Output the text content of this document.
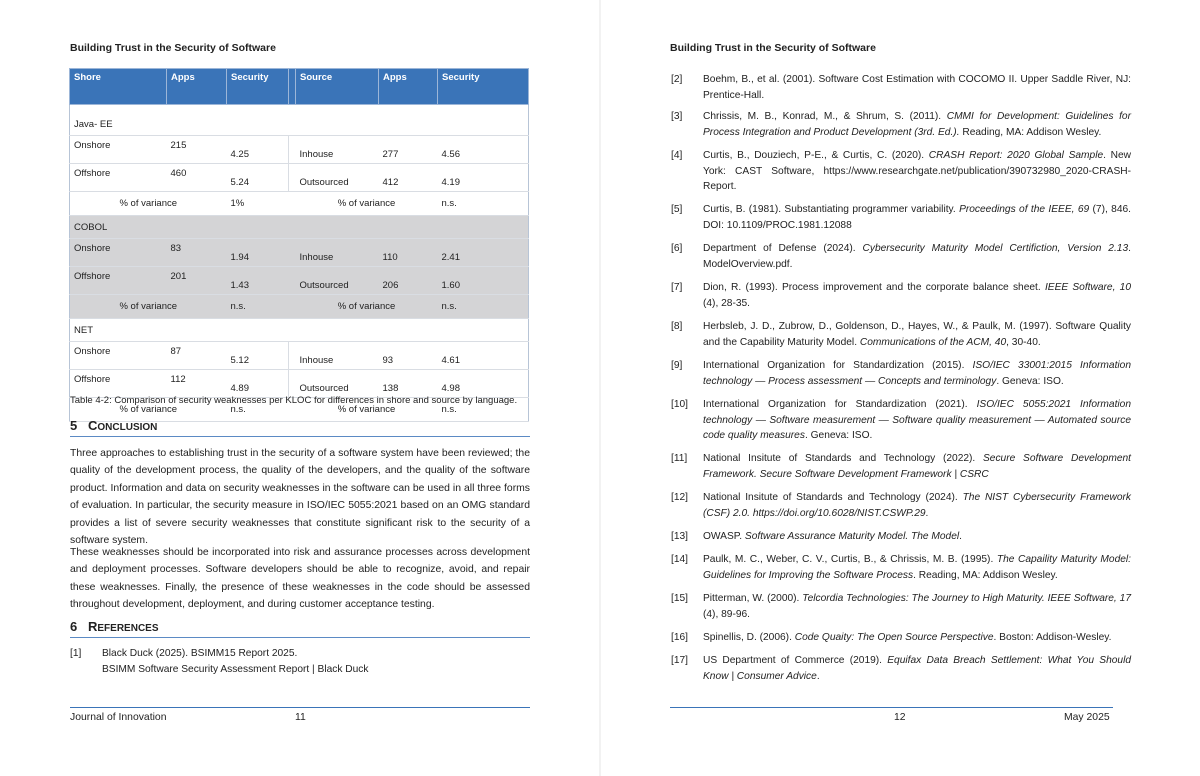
Building Trust in the Security of Software
Shore	Apps	Security		Source	Apps	Security
Java- EE						
Onshore	215	4.25		Inhouse	277	4.56
Offshore	460	5.24		Outsourced	412	4.19
% of variance		1%		% of variance		n.s.
COBOL						
Onshore	83	1.94		Inhouse	110	2.41
Offshore	201	1.43		Outsourced	206	1.60
% of variance		n.s.		% of variance		n.s.
NET						
Onshore	87	5.12		Inhouse	93	4.61
Offshore	112	4.89		Outsourced	138	4.98
% of variance		n.s.		% of variance		n.s.
Table 4-2: Comparison of security weaknesses per KLOC for differences in shore and source by language.
5 CONCLUSION
Three approaches to establishing trust in the security of a software system have been reviewed; the quality of the development process, the quality of the developers, and the quality of the software product. Information and data on security weaknesses in the software can be used in all three forms of evaluation. In particular, the security measure in ISO/IEC 5055:2021 based on an OMG standard provides a list of severe security weaknesses that constitute significant risk to the security of a software system.
These weaknesses should be incorporated into risk and assurance processes across development and deployment processes. Software developers should be able to recognize, avoid, and repair these weaknesses. Finally, the presence of these weaknesses in the code should be assessed throughout development, deployment, and during customer acceptance testing.
6 REFERENCES
[1] Black Duck (2025). BSIMM15 Report 2025.
BSIMM Software Security Assessment Report | Black Duck
Journal of Innovation	11
Building Trust in the Security of Software
[2] Boehm, B., et al. (2001). Software Cost Estimation with COCOMO II. Upper Saddle River, NJ: Prentice-Hall.
[3] Chrissis, M. B., Konrad, M., & Shrum, S. (2011). CMMI for Development: Guidelines for Process Integration and Product Development (3rd. Ed.). Reading, MA: Addison Wesley.
[4] Curtis, B., Douziech, P-E., & Curtis, C. (2020). CRASH Report: 2020 Global Sample. New York: CAST Software, https://www.researchgate.net/publication/390732980_2020-CRASH-Report.
[5] Curtis, B. (1981). Substantiating programmer variability. Proceedings of the IEEE, 69 (7), 846. DOI: 10.1109/PROC.1981.12088
[6] Department of Defense (2024). Cybersecurity Maturity Model Certifiction, Version 2.13. ModelOverview.pdf.
[7] Dion, R. (1993). Process improvement and the corporate balance sheet. IEEE Software, 10 (4), 28-35.
[8] Herbsleb, J. D., Zubrow, D., Goldenson, D., Hayes, W., & Paulk, M. (1997). Software Quality and the Capability Maturity Model. Communications of the ACM, 40, 30-40.
[9] International Organization for Standardization (2015). ISO/IEC 33001:2015 Information technology — Process assessment — Concepts and terminology. Geneva: ISO.
[10] International Organization for Standardization (2021). ISO/IEC 5055:2021 Information technology — Software measurement — Software quality measurement — Automated source code quality measures. Geneva: ISO.
[11] National Insitute of Standards and Technology (2022). Secure Software Development Framework. Secure Software Development Framework | CSRC
[12] National Insitute of Standards and Technology (2024). The NIST Cybersecurity Framework (CSF) 2.0. https://doi.org/10.6028/NIST.CSWP.29.
[13] OWASP. Software Assurance Maturity Model. The Model.
[14] Paulk, M. C., Weber, C. V., Curtis, B., & Chrissis, M. B. (1995). The Capaility Maturity Model: Guidelines for Improving the Software Process. Reading, MA: Addison Wesley.
[15] Pitterman, W. (2000). Telcordia Technologies: The Journey to High Maturity. IEEE Software, 17 (4), 89-96.
[16] Spinellis, D. (2006). Code Quaity: The Open Source Perspective. Boston: Addison-Wesley.
[17] US Department of Commerce (2019). Equifax Data Breach Settlement: What You Should Know | Consumer Advice.
12	May 2025
